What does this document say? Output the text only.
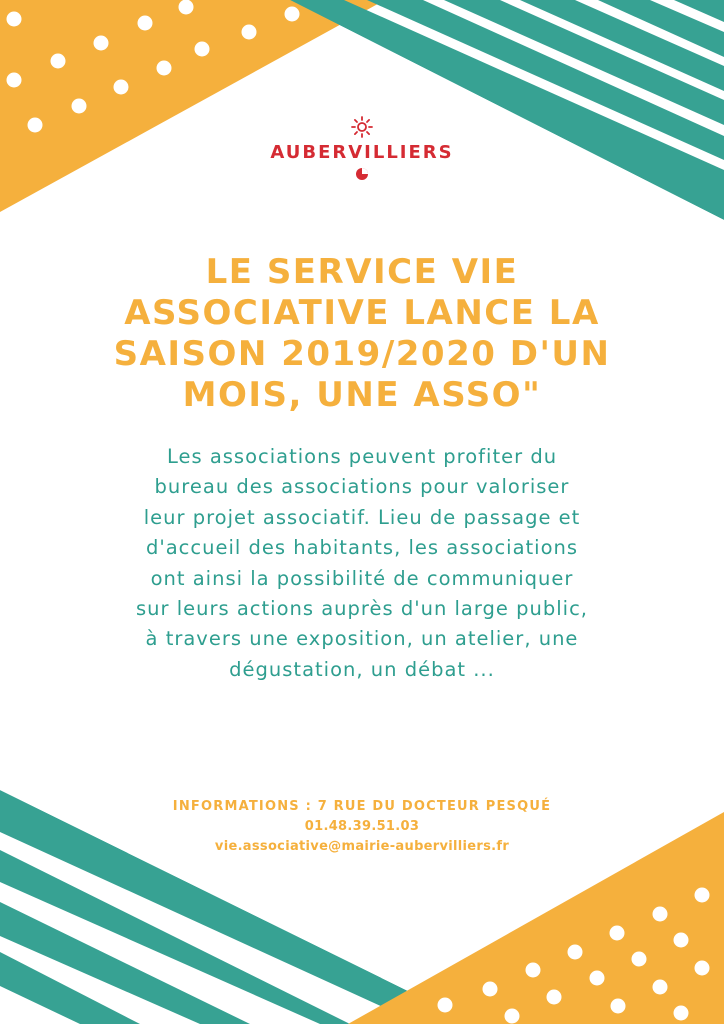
AUBERVILLIERS
LE SERVICE VIE ASSOCIATIVE LANCE LA SAISON 2019/2020 D'UN MOIS, UNE ASSO"

Les associations peuvent profiter du bureau des associations pour valoriser leur projet associatif. Lieu de passage et d'accueil des habitants, les associations ont ainsi la possibilité de communiquer sur leurs actions auprès d'un large public, à travers une exposition, un atelier, une dégustation, un débat ...

INFORMATIONS : 7 RUE DU DOCTEUR PESQUÉ
01.48.39.51.03
vie.associative@mairie-aubervilliers.fr
